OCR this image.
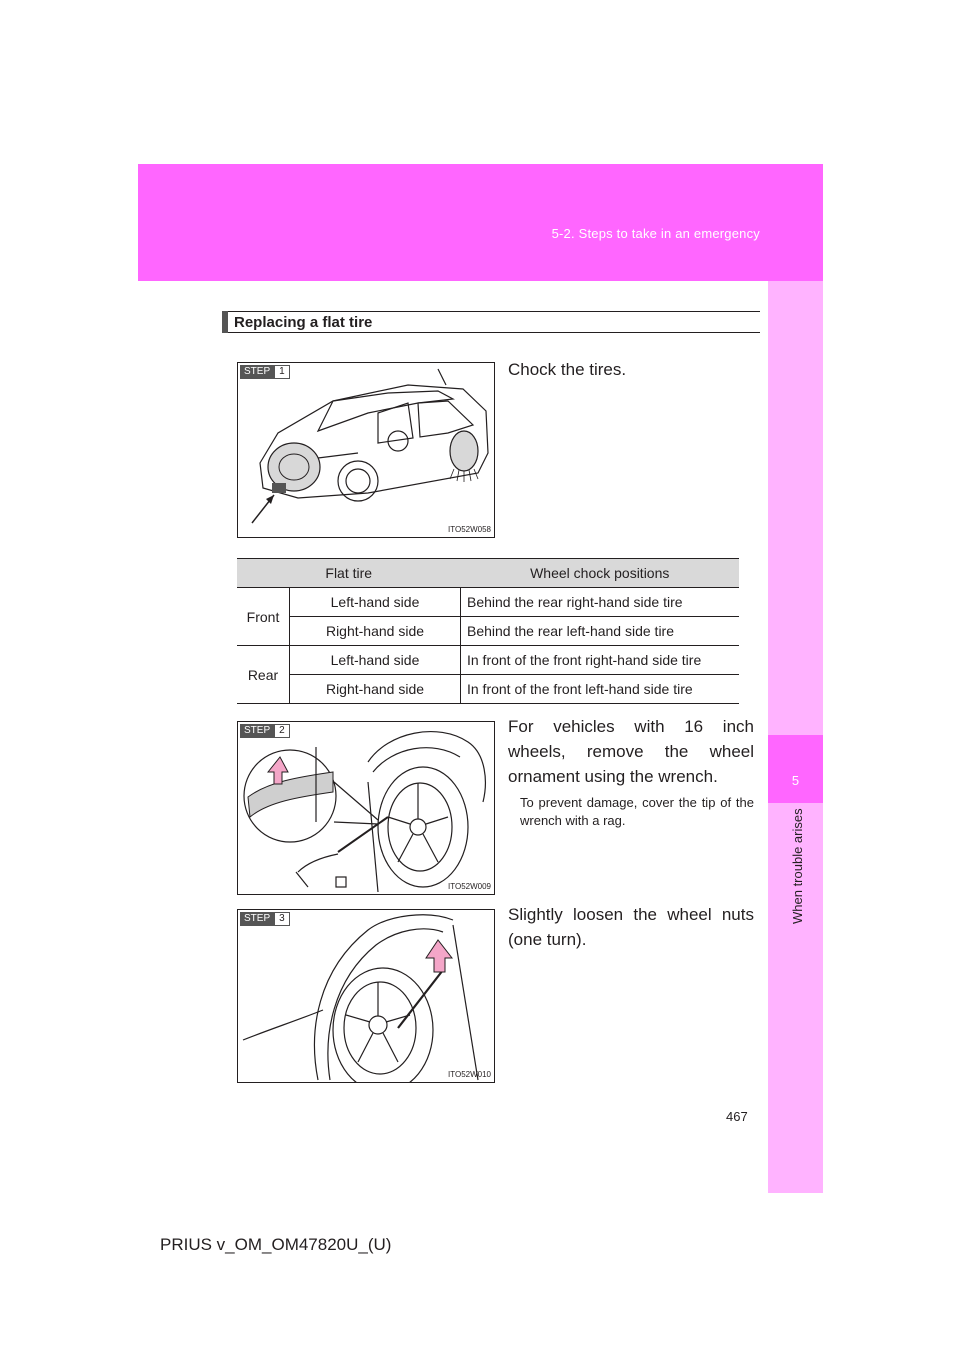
5-2. Steps to take in an emergency
5
When trouble arises
Replacing a flat tire
STEP 1
ITO52W058
Chock the tires.
Flat tire		Wheel chock positions
Front	Left-hand side	Behind the rear right-hand side tire
	Right-hand side	Behind the rear left-hand side tire
Rear	Left-hand side	In front of the front right-hand side tire
	Right-hand side	In front of the front left-hand side tire
STEP 2
ITO52W009
For vehicles with 16 inch wheels, remove the wheel ornament using the wrench.
To prevent damage, cover the tip of the wrench with a rag.
STEP 3
ITO52W010
Slightly loosen the wheel nuts (one turn).
467
PRIUS v_OM_OM47820U_(U)
